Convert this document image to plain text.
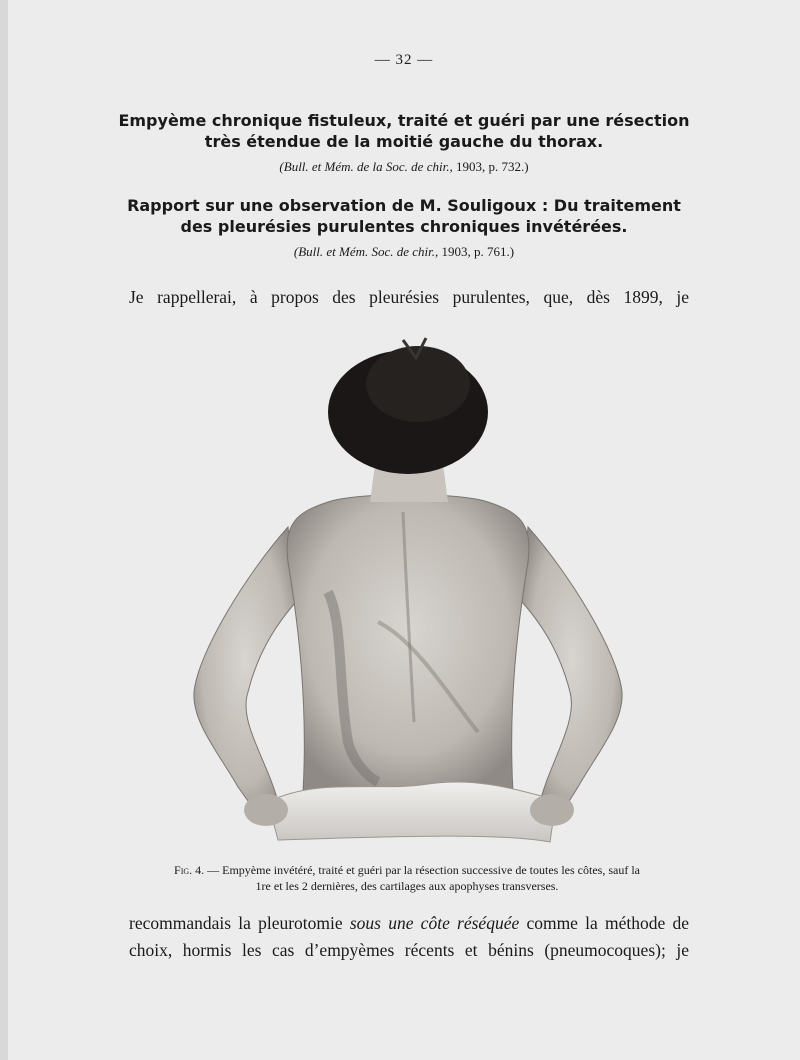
— 32 —

Empyème chronique fistuleux, traité et guéri par une résection

très étendue de la moitié gauche du thorax.

(Bull. et Mém. de la Soc. de chir., 1903, p. 732.)

Rapport sur une observation de M. Souligoux : Du traitement

des pleurésies purulentes chroniques invétérées.

(Bull. et Mém. Soc. de chir., 1903, p. 761.)
Je rappellerai, à propos des pleurésies purulentes, que, dès 1899, je
Fig. 4. — Empyème invétéré, traité et guéri par la résection successive de toutes les côtes, sauf la
1re et les 2 dernières, des cartilages aux apophyses transverses.
recommandais la pleurotomie sous une côte réséquée comme la méthode de
choix, hormis les cas d’empyèmes récents et bénins (pneumocoques); je
